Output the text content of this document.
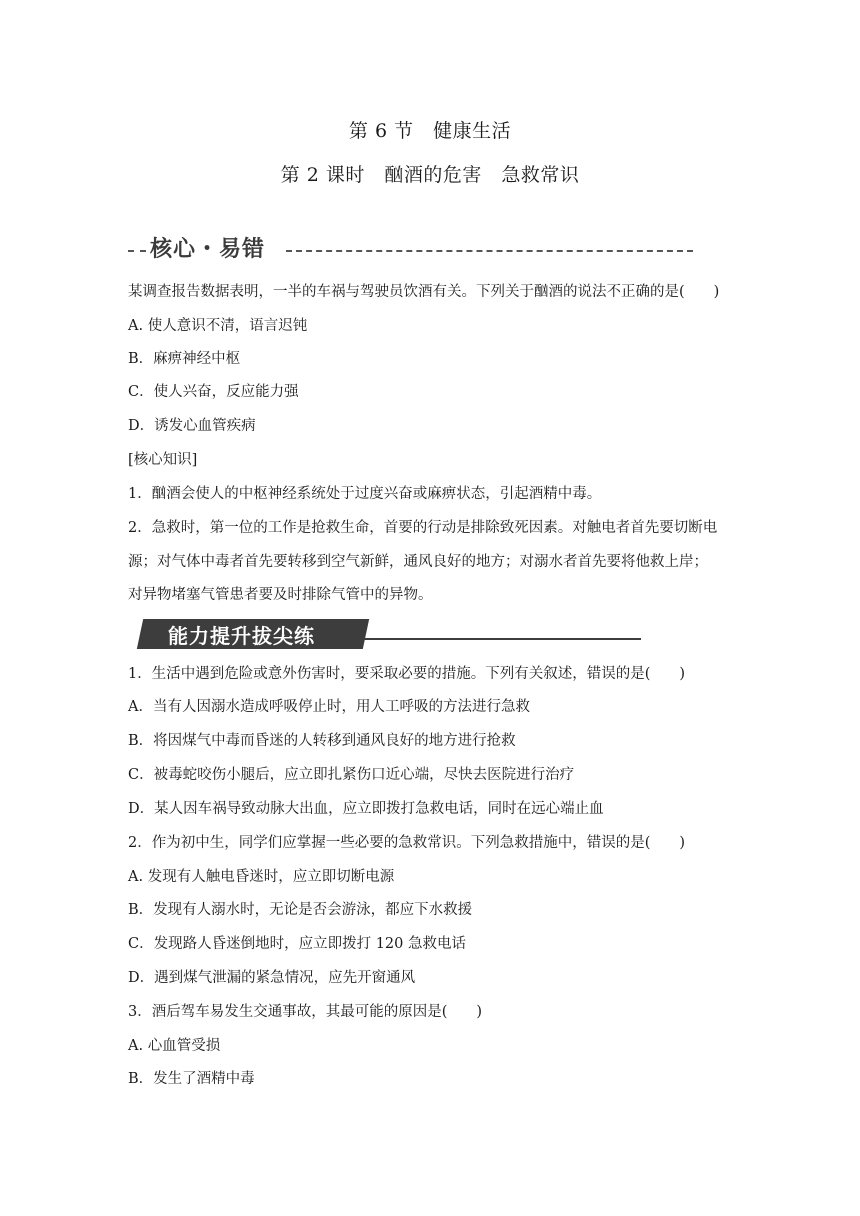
第 6 节　健康生活
第 2 课时　酗酒的危害　急救常识
核心・易错

某调查报告数据表明，一半的车祸与驾驶员饮酒有关。下列关于酗酒的说法不正确的是(　　)

A. 使人意识不清，语言迟钝

B．麻痹神经中枢

C．使人兴奋，反应能力强

D．诱发心血管疾病

[核心知识]

1．酗酒会使人的中枢神经系统处于过度兴奋或麻痹状态，引起酒精中毒。

2．急救时，第一位的工作是抢救生命，首要的行动是排除致死因素。对触电者首先要切断电

源；对气体中毒者首先要转移到空气新鲜，通风良好的地方；对溺水者首先要将他救上岸；

对异物堵塞气管患者要及时排除气管中的异物。

能力提升拔尖练

1．生活中遇到危险或意外伤害时，要采取必要的措施。下列有关叙述，错误的是(　　)

A．当有人因溺水造成呼吸停止时，用人工呼吸的方法进行急救

B．将因煤气中毒而昏迷的人转移到通风良好的地方进行抢救

C．被毒蛇咬伤小腿后，应立即扎紧伤口近心端，尽快去医院进行治疗

D．某人因车祸导致动脉大出血，应立即拨打急救电话，同时在远心端止血

2．作为初中生，同学们应掌握一些必要的急救常识。下列急救措施中，错误的是(　　)

A. 发现有人触电昏迷时，应立即切断电源

B．发现有人溺水时，无论是否会游泳，都应下水救援

C．发现路人昏迷倒地时，应立即拨打 120 急救电话

D．遇到煤气泄漏的紧急情况，应先开窗通风

3．酒后驾车易发生交通事故，其最可能的原因是(　　)

A. 心血管受损

B．发生了酒精中毒
